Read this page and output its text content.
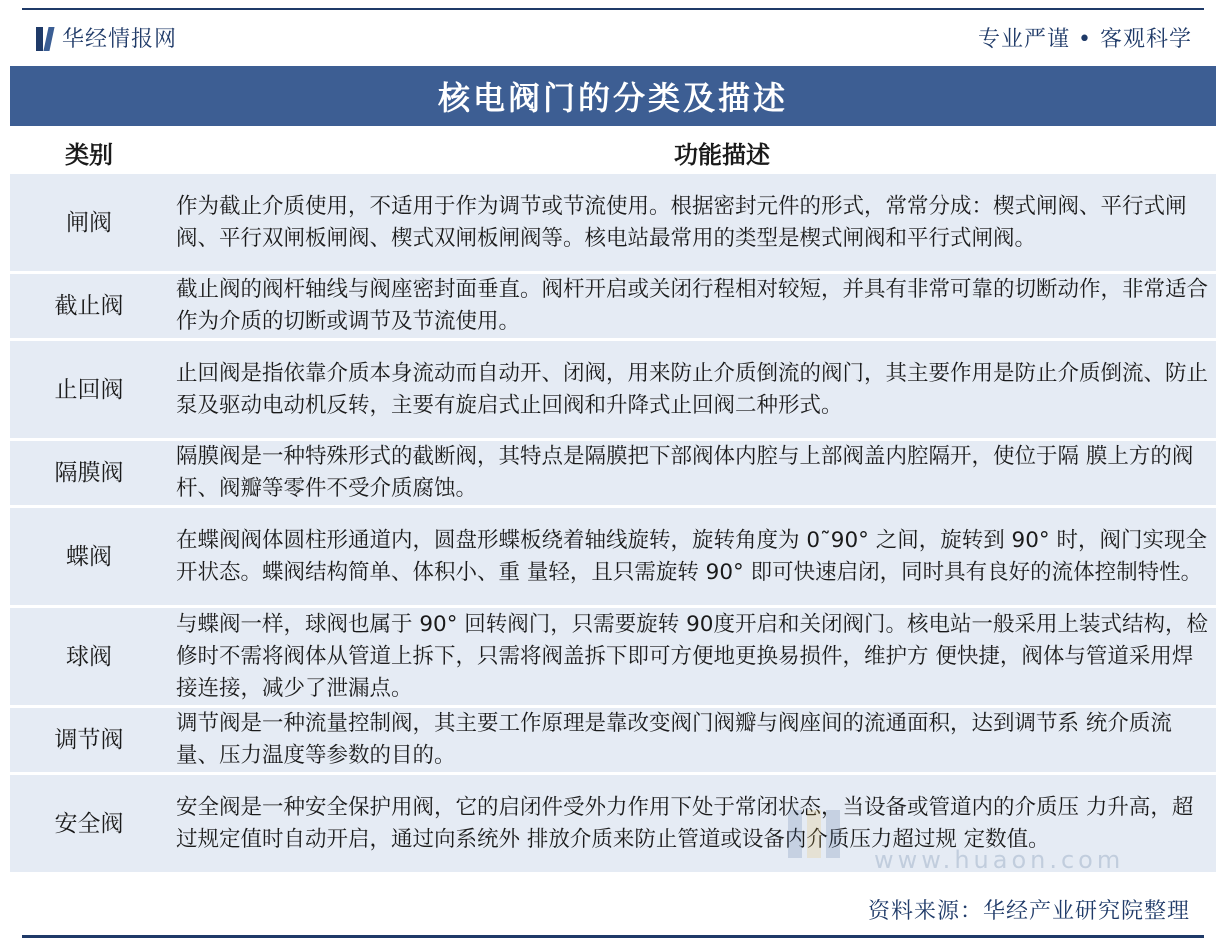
华经情报网	专业严谨 • 客观科学
核电阀门的分类及描述
类别	功能描述
闸阀	作为截止介质使用，不适用于作为调节或节流使用。根据密封元件的形式，常常分成：楔式闸阀、平行式闸阀、平行双闸板闸阀、楔式双闸板闸阀等。核电站最常用的类型是楔式闸阀和平行式闸阀。
截止阀	截止阀的阀杆轴线与阀座密封面垂直。阀杆开启或关闭行程相对较短，并具有非常可靠的切断动作，非常适合作为介质的切断或调节及节流使用。
止回阀	止回阀是指依靠介质本身流动而自动开、闭阀，用来防止介质倒流的阀门，其主要作用是防止介质倒流、防止泵及驱动电动机反转，主要有旋启式止回阀和升降式止回阀二种形式。
隔膜阀	隔膜阀是一种特殊形式的截断阀，其特点是隔膜把下部阀体内腔与上部阀盖内腔隔开，使位于隔 膜上方的阀杆、阀瓣等零件不受介质腐蚀。
蝶阀	在蝶阀阀体圆柱形通道内，圆盘形蝶板绕着轴线旋转，旋转角度为 0˜90° 之间，旋转到 90° 时，阀门实现全开状态。蝶阀结构简单、体积小、重 量轻，且只需旋转 90° 即可快速启闭，同时具有良好的流体控制特性。
球阀	与蝶阀一样，球阀也属于 90° 回转阀门，只需要旋转 90度开启和关闭阀门。核电站一般采用上装式结构，检修时不需将阀体从管道上拆下，只需将阀盖拆下即可方便地更换易损件，维护方 便快捷，阀体与管道采用焊接连接，减少了泄漏点。
调节阀	调节阀是一种流量控制阀，其主要工作原理是靠改变阀门阀瓣与阀座间的流通面积，达到调节系 统介质流量、压力温度等参数的目的。
安全阀	安全阀是一种安全保护用阀，它的启闭件受外力作用下处于常闭状态，当设备或管道内的介质压 力升高，超过规定值时自动开启，通过向系统外 排放介质来防止管道或设备内介质压力超过规 定数值。
www.huaon.com
资料来源：华经产业研究院整理
